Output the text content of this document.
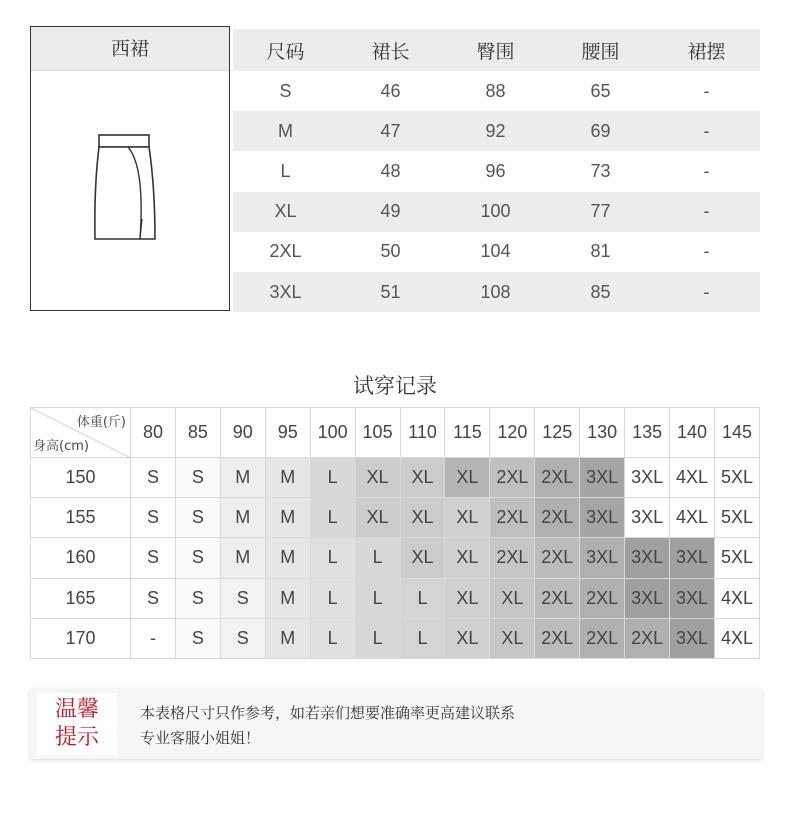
西裙	尺码	裙长	臀围	腰围	裙摆
S	46	88	65	-
M	47	92	69	-
L	48	96	73	-
XL	49	100	77	-
2XL	50	104	81	-
3XL	51	108	85	-
试穿记录
体重(斤)
身高(cm)	80	85	90	95	100	105	110	115	120	125	130	135	140	145
150	S	S	M	M	L	XL	XL	XL	2XL	2XL	3XL	3XL	4XL	5XL
155	S	S	M	M	L	XL	XL	XL	2XL	2XL	3XL	3XL	4XL	5XL
160	S	S	M	M	L	L	XL	XL	2XL	2XL	3XL	3XL	3XL	5XL
165	S	S	S	M	L	L	L	XL	XL	2XL	2XL	3XL	3XL	4XL
170	-	S	S	M	L	L	L	XL	XL	2XL	2XL	2XL	3XL	4XL
温馨
提示
本表格尺寸只作参考，如若亲们想要准确率更高建议联系
专业客服小姐姐！
